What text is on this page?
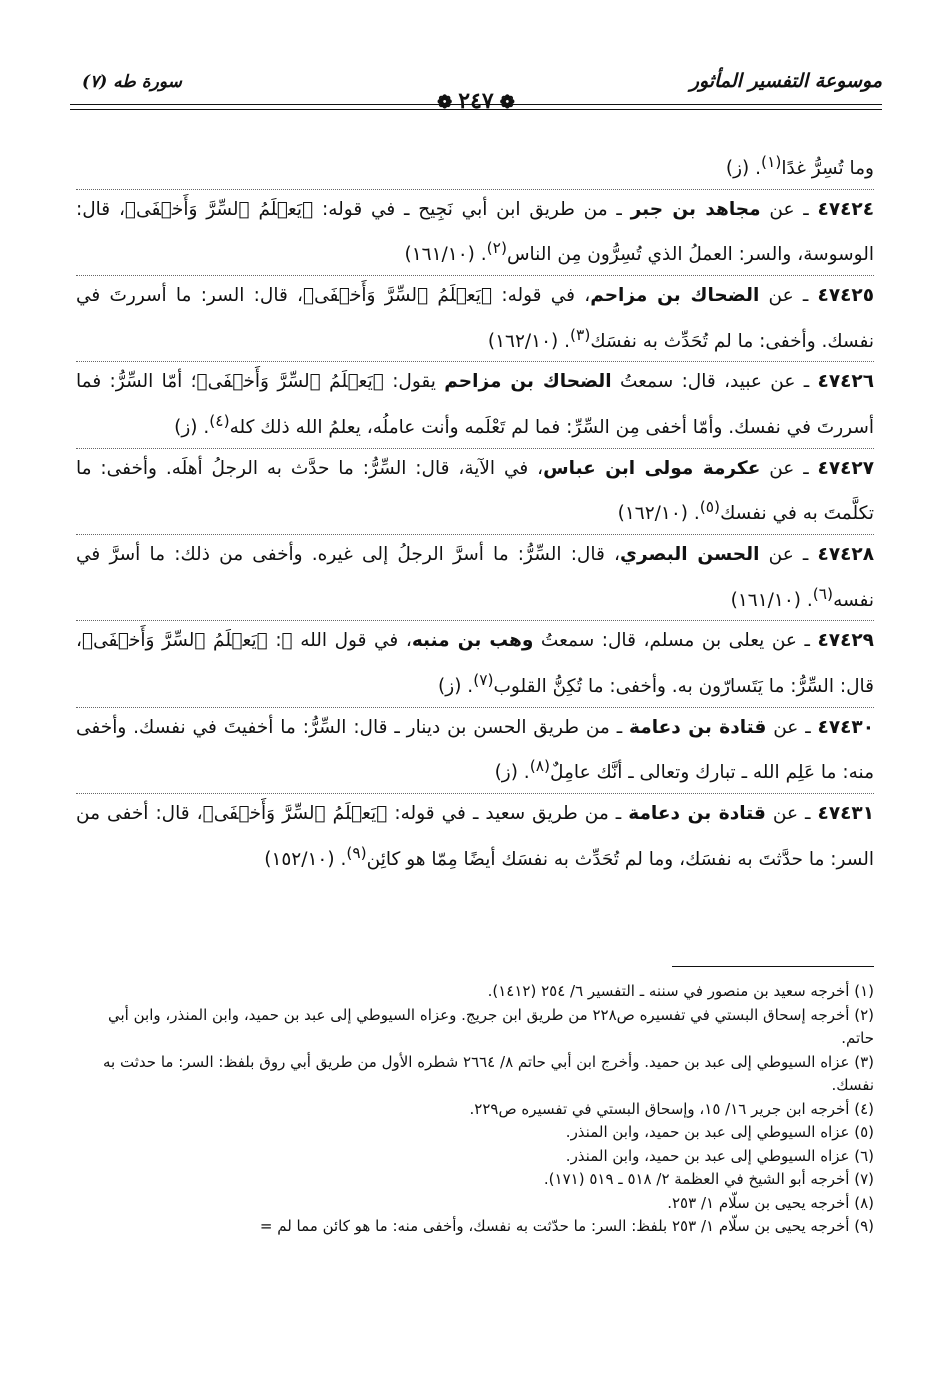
موسوعة التفسير المأثور
❁٢٤٧❁
سورة طه (٧)

وما تُسِرُّ غدًا$^{(١)}$. (ز)

٤٧٤٢٤ ـ عن مجاهد بن جبر ـ من طريق ابن أبي نَجِيح ـ في قوله: ﴿يَعۡلَمُ ٱلسِّرَّ وَأَخۡفَى﴾، قال: الوسوسة، والسر: العملُ الذي تُسِرُّون مِن الناس$^{(٢)}$. (١٦١/١٠)

٤٧٤٢٥ ـ عن الضحاك بن مزاحم، في قوله: ﴿يَعۡلَمُ ٱلسِّرَّ وَأَخۡفَى﴾، قال: السر: ما أسررتَ في نفسك. وأخفى: ما لم تُحَدِّث به نفسَك$^{(٣)}$. (١٦٢/١٠)

٤٧٤٢٦ ـ عن عبيد، قال: سمعتُ الضحاك بن مزاحم يقول: ﴿يَعۡلَمُ ٱلسِّرَّ وَأَخۡفَى﴾؛ أمّا السِّرُّ: فما أسررتَ في نفسك. وأمّا أخفى مِن السِّرِّ: فما لم تَعْلَمه وأنت عاملُه، يعلمُ الله ذلك كله$^{(٤)}$. (ز)

٤٧٤٢٧ ـ عن عكرمة مولى ابن عباس، في الآية، قال: السِّرُّ: ما حدَّث به الرجلُ أهلَه. وأخفى: ما تكلَّمتَ به في نفسك$^{(٥)}$. (١٦٢/١٠)

٤٧٤٢٨ ـ عن الحسن البصري، قال: السِّرُّ: ما أسرَّ الرجلُ إلى غيره. وأخفى من ذلك: ما أسرَّ في نفسه$^{(٦)}$. (١٦١/١٠)

٤٧٤٢٩ ـ عن يعلى بن مسلم، قال: سمعتُ وهب بن منبه، في قول الله ﷻ: ﴿يَعۡلَمُ ٱلسِّرَّ وَأَخۡفَى﴾، قال: السِّرُّ: ما يَتَسارّون به. وأخفى: ما تُكِنُّ القلوب$^{(٧)}$. (ز)

٤٧٤٣٠ ـ عن قتادة بن دعامة ـ من طريق الحسن بن دينار ـ قال: السِّرُّ: ما أخفيتَ في نفسك. وأخفى منه: ما عَلِم الله ـ تبارك وتعالى ـ أنَّك عامِلٌ$^{(٨)}$. (ز)

٤٧٤٣١ ـ عن قتادة بن دعامة ـ من طريق سعيد ـ في قوله: ﴿يَعۡلَمُ ٱلسِّرَّ وَأَخۡفَى﴾، قال: أخفى من السر: ما حدَّثتَ به نفسَك، وما لم تُحَدِّث به نفسَك أيضًا مِمّا هو كائِن$^{(٩)}$. (١٥٢/١٠)

(١) أخرجه سعيد بن منصور في سننه ـ التفسير ٦/ ٢٥٤ (١٤١٢).

(٢) أخرجه إسحاق البستي في تفسيره ص٢٢٨ من طريق ابن جريج. وعزاه السيوطي إلى عبد بن حميد، وابن المنذر، وابن أبي حاتم.

(٣) عزاه السيوطي إلى عبد بن حميد. وأخرج ابن أبي حاتم ٨/ ٢٦٦٤ شطره الأول من طريق أبي روق بلفظ: السر: ما حدثت به نفسك.

(٤) أخرجه ابن جرير ١٦/ ١٥، وإسحاق البستي في تفسيره ص٢٢٩.

(٥) عزاه السيوطي إلى عبد بن حميد، وابن المنذر.

(٦) عزاه السيوطي إلى عبد بن حميد، وابن المنذر.

(٧) أخرجه أبو الشيخ في العظمة ٢/ ٥١٨ ـ ٥١٩ (١٧١).

(٨) أخرجه يحيى بن سلّام ١/ ٢٥٣.

(٩) أخرجه يحيى بن سلّام ١/ ٢٥٣ بلفظ: السر: ما حدّثت به نفسك، وأخفى منه: ما هو كائن مما لم =
